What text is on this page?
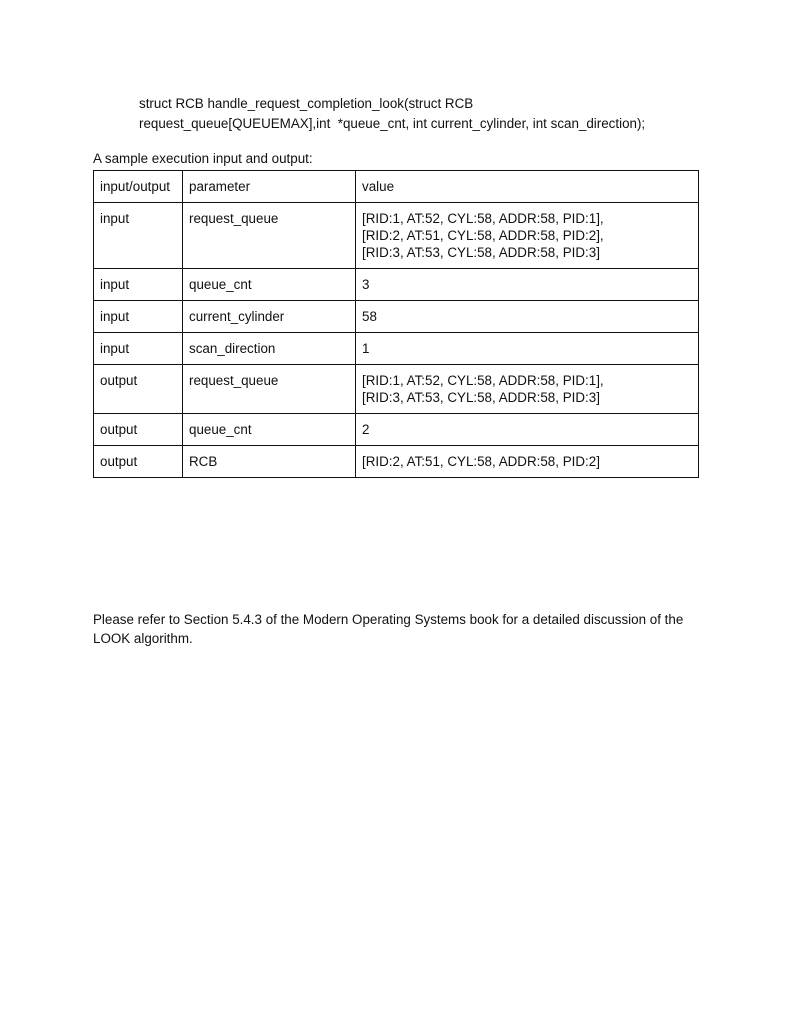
struct RCB handle_request_completion_look(struct RCB
request_queue[QUEUEMAX],int  *queue_cnt, int current_cylinder, int scan_direction);
A sample execution input and output:
input/output	parameter	value
input	request_queue	[RID:1, AT:52, CYL:58, ADDR:58, PID:1],
[RID:2, AT:51, CYL:58, ADDR:58, PID:2],
[RID:3, AT:53, CYL:58, ADDR:58, PID:3]

input	queue_cnt	3

input	current_cylinder	58

input	scan_direction	1

output	request_queue	[RID:1, AT:52, CYL:58, ADDR:58, PID:1],
[RID:3, AT:53, CYL:58, ADDR:58, PID:3]

output	queue_cnt	2

output	RCB	[RID:2, AT:51, CYL:58, ADDR:58, PID:2]
Please refer to Section 5.4.3 of the Modern Operating Systems book for a detailed discussion of the LOOK algorithm.
